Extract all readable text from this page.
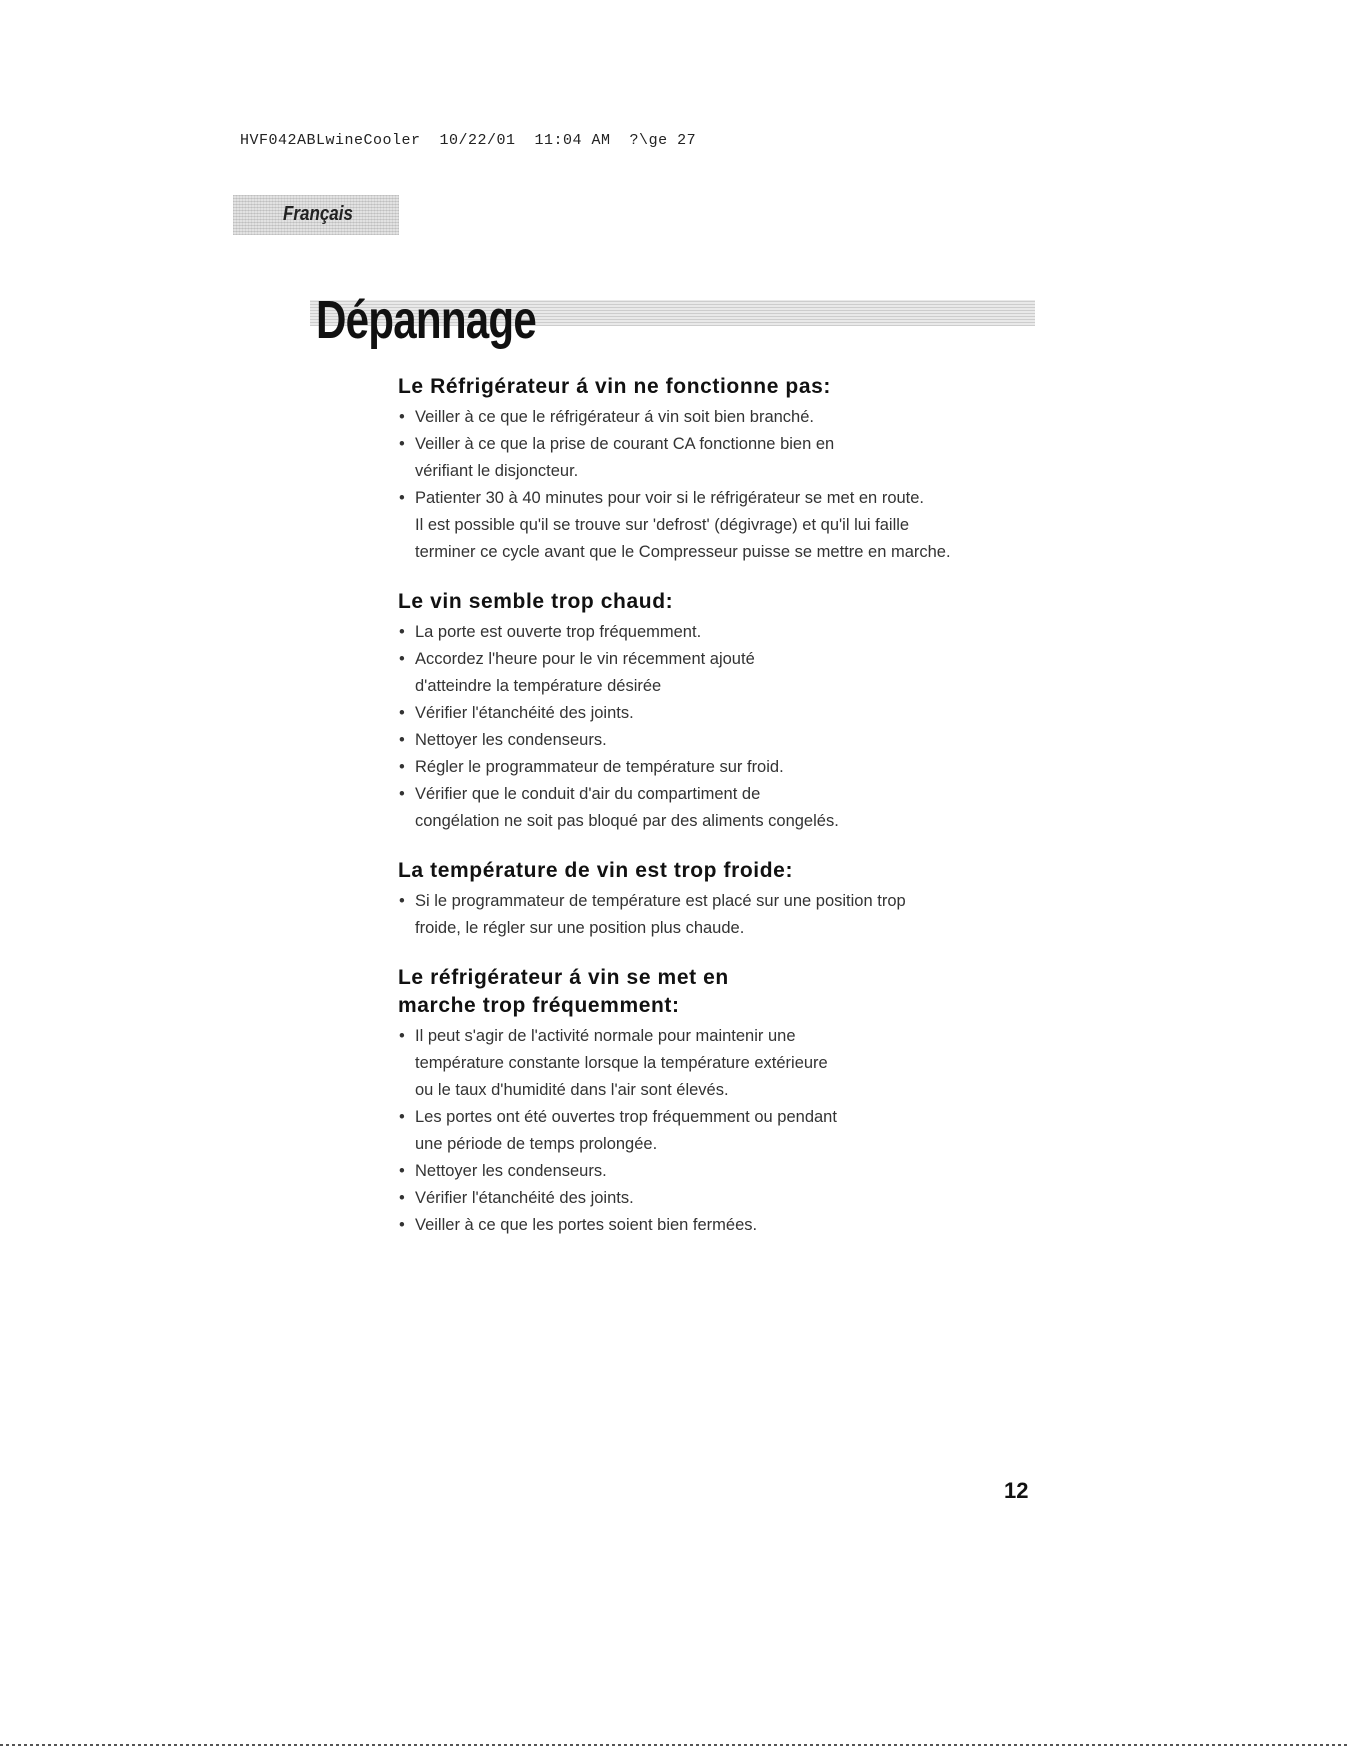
HVF042ABLwineCooler  10/22/01  11:04 AM  ?\ge 27
Français
Dépannage
Le Réfrigérateur á vin ne fonctionne pas:
• Veiller à ce que le réfrigérateur á vin soit bien branché.
• Veiller à ce que la prise de courant CA fonctionne bien en
vérifiant le disjoncteur.
• Patienter 30 à 40 minutes pour voir si le réfrigérateur se met en route.
Il est possible qu'il se trouve sur 'defrost' (dégivrage) et qu'il lui faille
terminer ce cycle avant que le Compresseur puisse se mettre en marche.
Le vin semble trop chaud:
• La porte est ouverte trop fréquemment.
• Accordez l'heure pour le vin récemment ajouté
d'atteindre la température désirée
• Vérifier l'étanchéité des joints.
• Nettoyer les condenseurs.
• Régler le programmateur de température sur froid.
• Vérifier que le conduit d'air du compartiment de
congélation ne soit pas bloqué par des aliments congelés.
La température de vin est trop froide:
• Si le programmateur de température est placé sur une position trop
froide, le régler sur une position plus chaude.
Le réfrigérateur á vin se met en
marche trop fréquemment:
• Il peut s'agir de l'activité normale pour maintenir une
température constante lorsque la température extérieure
ou le taux d'humidité dans l'air sont élevés.
• Les portes ont été ouvertes trop fréquemment ou pendant
une période de temps prolongée.
• Nettoyer les condenseurs.
• Vérifier l'étanchéité des joints.
• Veiller à ce que les portes soient bien fermées.
12
